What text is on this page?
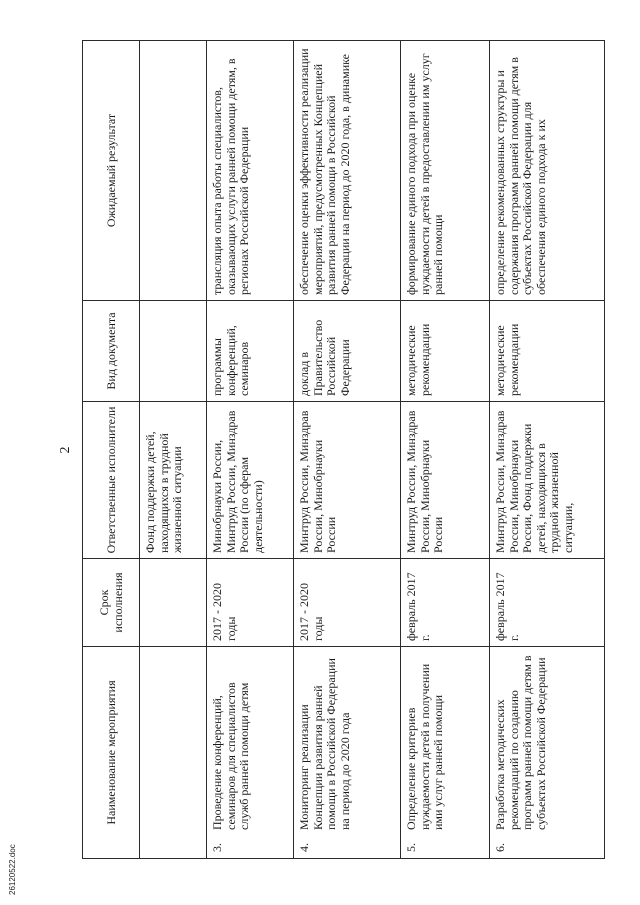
2
Наименование мероприятия	Срок исполнения	Ответственные исполнители	Вид документа	Ожидаемый результат
		Фонд поддержки детей, находящихся в трудной жизненной ситуации		

3.
Проведение конференций, семинаров для специалистов служб ранней помощи детям	2017 - 2020 годы	Минобрнауки России, Минтруд России, Минздрав России (по сферам деятельности)	программы конференций, семинаров	трансляция опыта работы специалистов, оказывающих услуги ранней помощи детям, в регионах Российской Федерации

4.
Мониторинг реализации Концепции развития ранней помощи в Российской Федерации на период до 2020 года	2017 - 2020 годы	Минтруд России, Минздрав России, Минобрнауки России	доклад в Правительство Российской Федерации	обеспечение оценки эффективности реализации мероприятий, предусмотренных Концепцией развития ранней помощи в Российской Федерации на период до 2020 года, в динамике

5.
Определение критериев нуждаемости детей в получении ими услуг ранней помощи	февраль 2017 г.	Минтруд России, Минздрав России, Минобрнауки России	методические рекомендации	формирование единого подхода при оценке нуждаемости детей в предоставлении им услуг ранней помощи

6.
Разработка методических рекомендаций по созданию программ ранней помощи детям в субъектах Российской Федерации	февраль 2017 г.	Минтруд России, Минздрав России, Минобрнауки России, Фонд поддержки детей, находящихся в трудной жизненной ситуации,	методические рекомендации	определение рекомендованных структуры и содержания программ ранней помощи детям в субъектах Российской Федерации для обеспечения единого подхода к их
26120522.doc
